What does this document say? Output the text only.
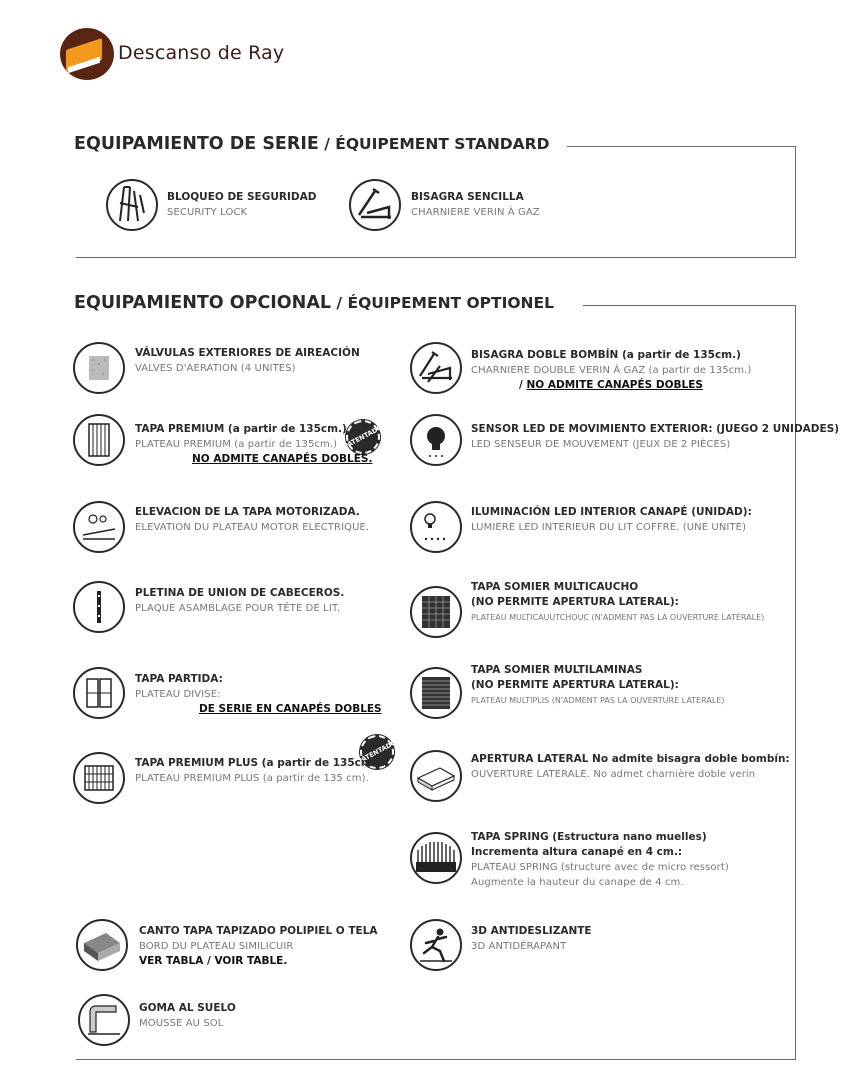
Descanso de Ray
EQUIPAMIENTO DE SERIE / ÉQUIPEMENT STANDARD
BLOQUEO DE SEGURIDAD
SECURITY LOCK
BISAGRA SENCILLA
CHARNIERE VERIN À GAZ
EQUIPAMIENTO OPCIONAL / ÉQUIPEMENT OPTIONEL
VÁLVULAS EXTERIORES DE AIREACIÓN
VALVES D'AERATION (4 UNITES)
PATENTADO
TAPA PREMIUM (a partir de 135cm.)
PLATEAU PREMIUM (a partir de 135cm.)
NO ADMITE CANAPÉS DOBLES.
ELEVACION DE LA TAPA MOTORIZADA.
ELEVATION DU PLATEAU MOTOR ELECTRIQUE.
PLETINA DE UNION DE CABECEROS.
PLAQUE ASAMBLAGE POUR TÊTE DE LIT.
TAPA PARTIDA:
PLATEAU DIVISE:
DE SERIE EN CANAPÉS DOBLES
PATENTADO
TAPA PREMIUM PLUS (a partir de 135cm.):
PLATEAU PREMIUM PLUS (a partir de 135 cm).
CANTO TAPA TAPIZADO POLIPIEL O TELA
BORD DU PLATEAU SIMILICUIR
VER TABLA / VOIR TABLE.
GOMA AL SUELO
MOUSSE AU SOL
BISAGRA DOBLE BOMBÍN (a partir de 135cm.)
CHARNIERE DOUBLE VERIN À GAZ (a partir de 135cm.)
/ NO ADMITE CANAPÉS DOBLES
SENSOR LED DE MOVIMIENTO EXTERIOR: (JUEGO 2 UNIDADES)
LED SENSEUR DE MOUVEMENT (JEUX DE 2 PIÈCES)
ILUMINACIÓN LED INTERIOR CANAPÉ (UNIDAD):
LUMIERE LED INTERIEUR DU LIT COFFRE. (UNE UNITE)
TAPA SOMIER MULTICAUCHO
(NO PERMITE APERTURA LATERAL):
PLATEAU MULTICAUUTCHOUC (N'ADMENT PAS LA OUVERTURE LATÉRALE)
TAPA SOMIER MULTILAMINAS
(NO PERMITE APERTURA LATERAL):
PLATEAU MULTIPLIS (N'ADMENT PAS LA OUVERTURE LATERALE)
APERTURA LATERAL No admite bisagra doble bombín:
OUVERTURE LATERALE. No admet charnière doble verin
TAPA SPRING (Estructura nano muelles)
Incrementa altura canapé en 4 cm.:
PLATEAU SPRING (structure avec de micro ressort)
Augmente la hauteur du canape de 4 cm.
3D ANTIDESLIZANTE
3D ANTIDÉRAPANT
